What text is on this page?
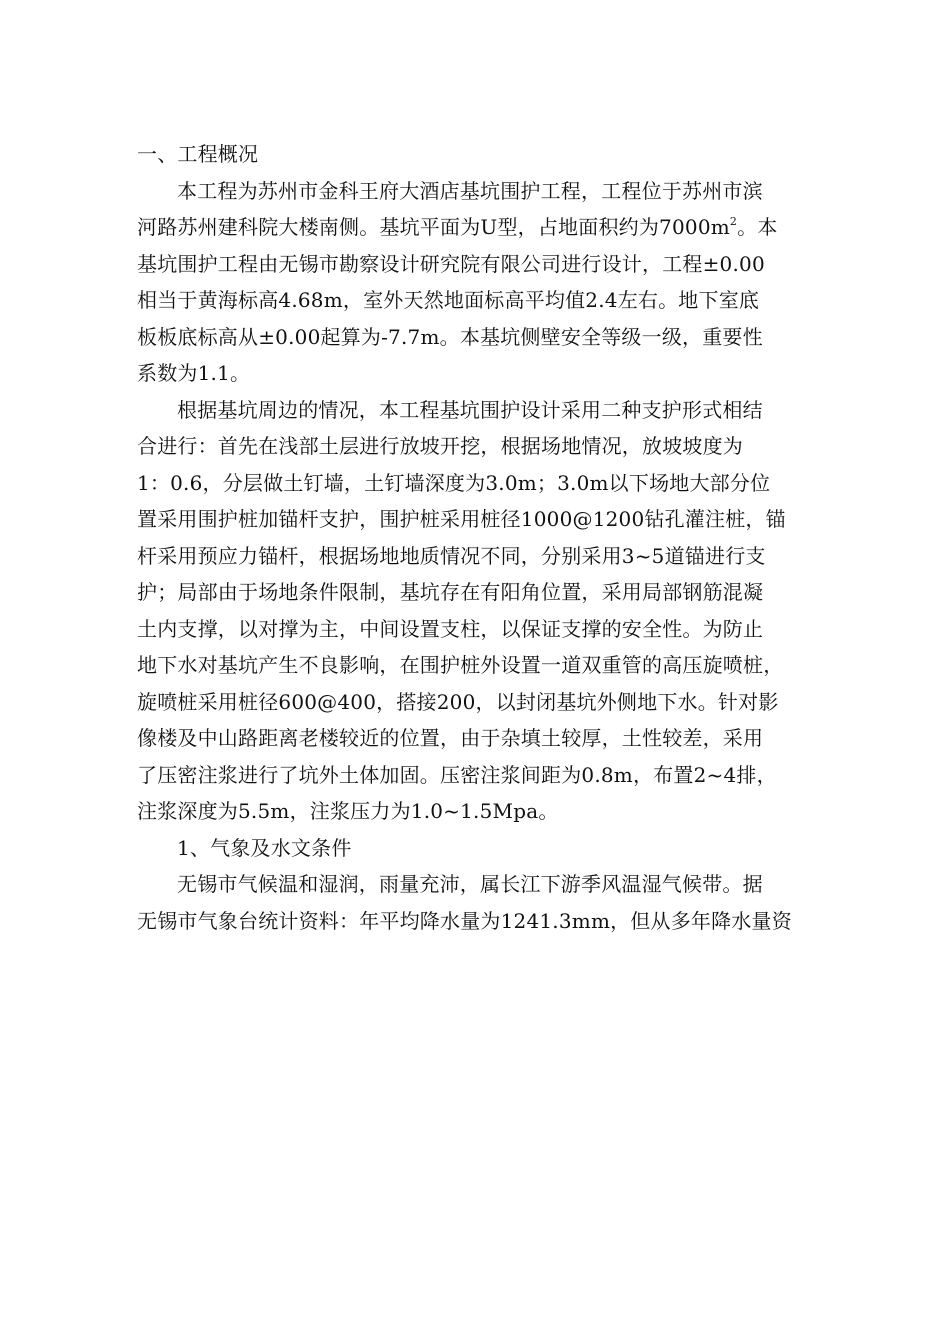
一、工程概况
本工程为苏州市金科王府大酒店基坑围护工程，工程位于苏州市滨
河路苏州建科院大楼南侧。基坑平面为U型，占地面积约为$7000m^2$。本
基坑围护工程由无锡市勘察设计研究院有限公司进行设计，工程±0.00
相当于黄海标高4.68m，室外天然地面标高平均值2.4左右。地下室底
板板底标高从±0.00起算为-7.7m。本基坑侧壁安全等级一级，重要性
系数为1.1。
根据基坑周边的情况，本工程基坑围护设计采用二种支护形式相结
合进行：首先在浅部土层进行放坡开挖，根据场地情况，放坡坡度为
1：0.6，分层做土钉墙，土钉墙深度为3.0m；3.0m以下场地大部分位
置采用围护桩加锚杆支护，围护桩采用桩径1000@1200钻孔灌注桩，锚
杆采用预应力锚杆，根据场地地质情况不同，分别采用3~5道锚进行支
护；局部由于场地条件限制，基坑存在有阳角位置，采用局部钢筋混凝
土内支撑，以对撑为主，中间设置支柱，以保证支撑的安全性。为防止
地下水对基坑产生不良影响，在围护桩外设置一道双重管的高压旋喷桩，
旋喷桩采用桩径600@400，搭接200，以封闭基坑外侧地下水。针对影
像楼及中山路距离老楼较近的位置，由于杂填土较厚，土性较差，采用
了压密注浆进行了坑外土体加固。压密注浆间距为0.8m，布置2~4排，
注浆深度为5.5m，注浆压力为1.0~1.5Mpa。
1、气象及水文条件
无锡市气候温和湿润，雨量充沛，属长江下游季风温湿气候带。据
无锡市气象台统计资料：年平均降水量为1241.3mm，但从多年降水量资
